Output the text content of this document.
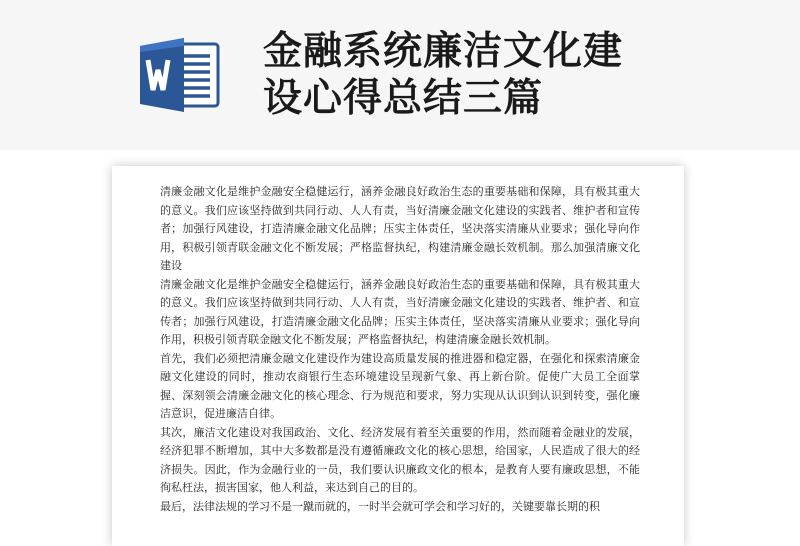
金融系统廉洁文化建
设心得总结三篇

清廉金融文化是维护金融安全稳健运行，涵养金融良好政治生态的重要基础和保障，具有极其重大的意义。我们应该坚持做到共同行动、人人有责，当好清廉金融文化建设的实践者、维护者和宣传者；加强行风建设，打造清廉金融文化品牌；压实主体责任，坚决落实清廉从业要求；强化导向作用，积极引领青联金融文化不断发展；严格监督执纪，构建清廉金融长效机制。那么加强清廉文化建设

清廉金融文化是维护金融安全稳健运行，涵养金融良好政治生态的重要基础和保障，具有极其重大的意义。我们应该坚持做到共同行动、人人有责，当好清廉金融文化建设的实践者、维护者、和宣传者；加强行风建设，打造清廉金融文化品牌；压实主体责任，坚决落实清廉从业要求；强化导向作用，积极引领青联金融文化不断发展；严格监督执纪，构建清廉金融长效机制。

首先，我们必须把清廉金融文化建设作为建设高质量发展的推进器和稳定器，在强化和探索清廉金融文化建设的同时，推动农商银行生态环境建设呈现新气象、再上新台阶。促使广大员工全面掌握、深刻领会清廉金融文化的核心理念、行为规范和要求，努力实现从认识到认识到转变，强化廉洁意识，促进廉洁自律。

其次，廉洁文化建设对我国政治、文化、经济发展有着至关重要的作用，然而随着金融业的发展，经济犯罪不断增加，其中大多数都是没有遵循廉政文化的核心思想，给国家，人民造成了很大的经济损失。因此，作为金融行业的一员，我们要认识廉政文化的根本，是教育人要有廉政思想，不能徇私枉法，损害国家，他人利益，来达到自己的目的。

最后，法律法规的学习不是一蹴而就的，一时半会就可学会和学习好的，关键要靠长期的积
